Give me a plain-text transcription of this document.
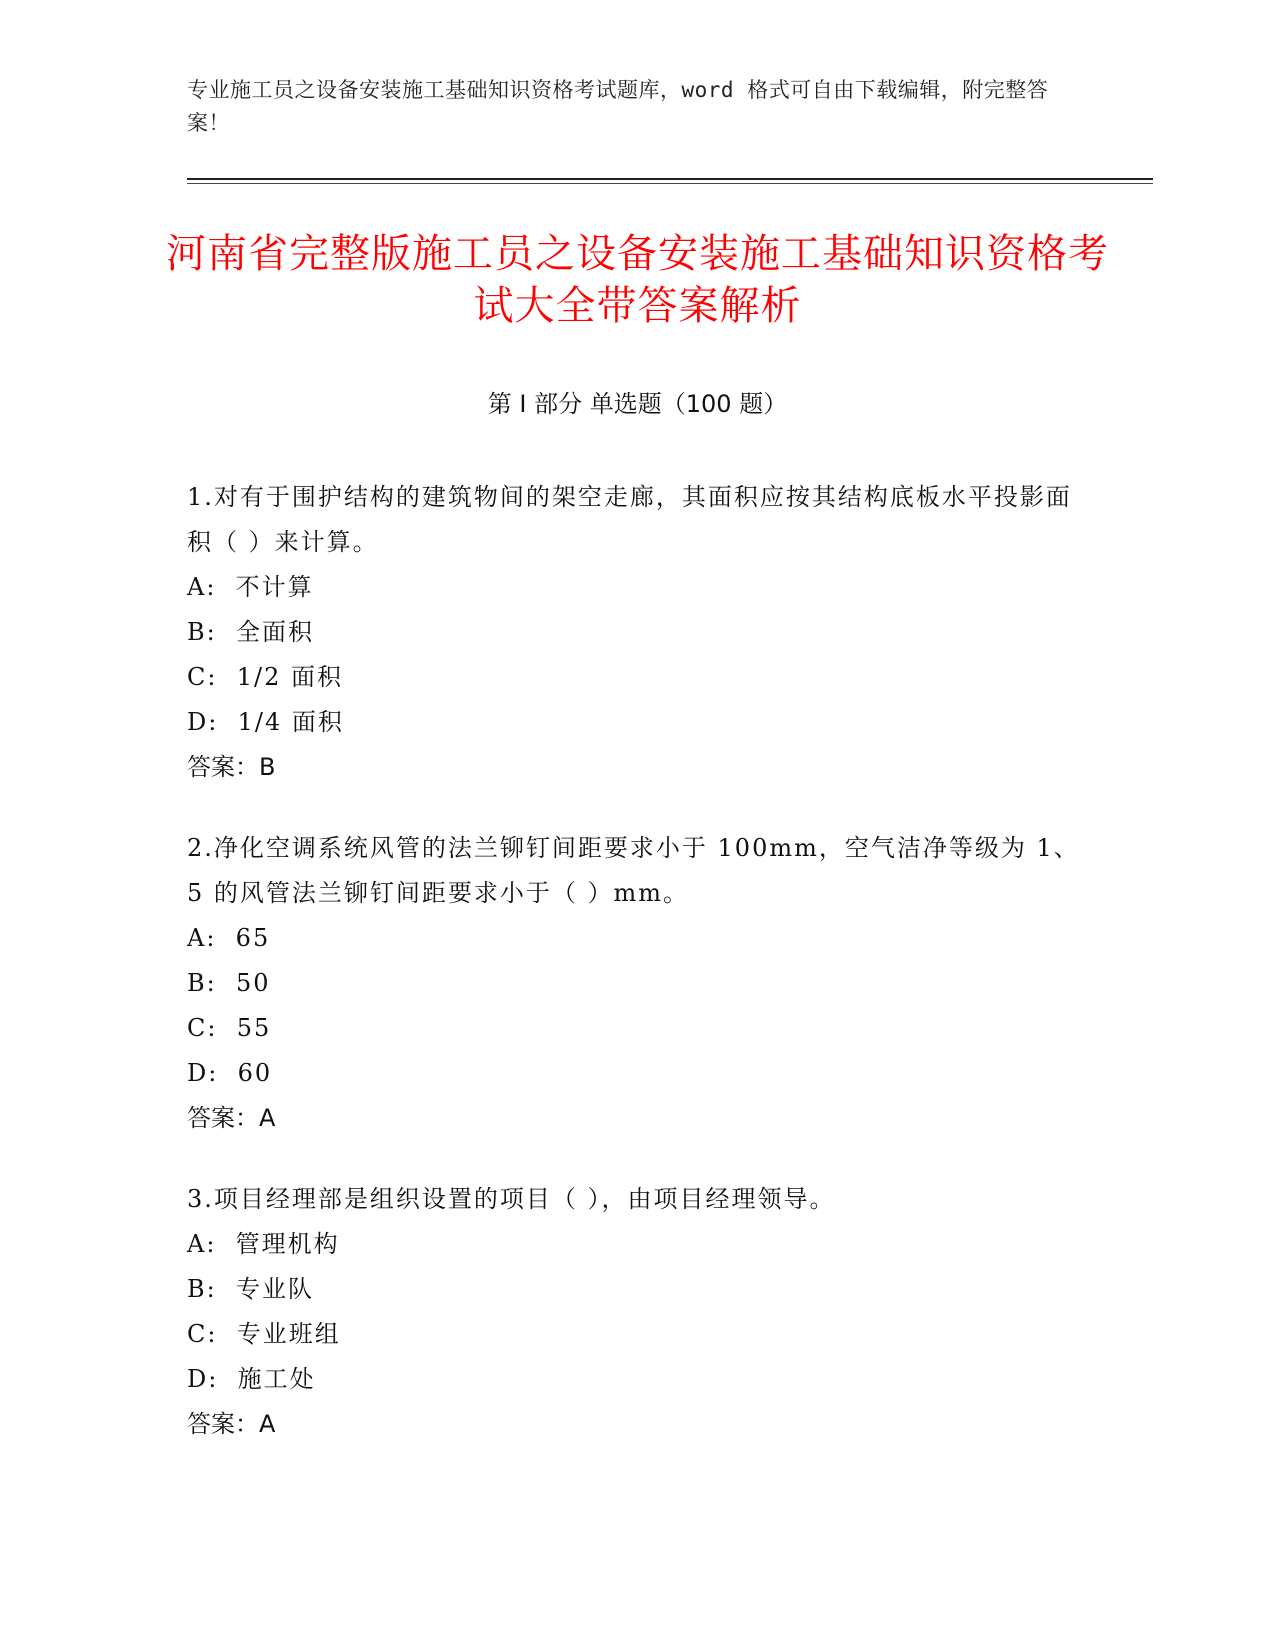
专业施工员之设备安装施工基础知识资格考试题库，word 格式可自由下载编辑，附完整答案！
河南省完整版施工员之设备安装施工基础知识资格考试大全带答案解析
第 I 部分 单选题（100 题）

1.对有于围护结构的建筑物间的架空走廊，其面积应按其结构底板水平投影面积（ ）来计算。

A:  不计算
B:  全面积
C:  1/2 面积
D:  1/4 面积
答案：B

2.净化空调系统风管的法兰铆钉间距要求小于 100mm，空气洁净等级为 1、5 的风管法兰铆钉间距要求小于（ ）mm。

A:  65
B:  50
C:  55
D:  60
答案：A

3.项目经理部是组织设置的项目（ ），由项目经理领导。

A:  管理机构
B:  专业队
C:  专业班组
D:  施工处
答案：A
